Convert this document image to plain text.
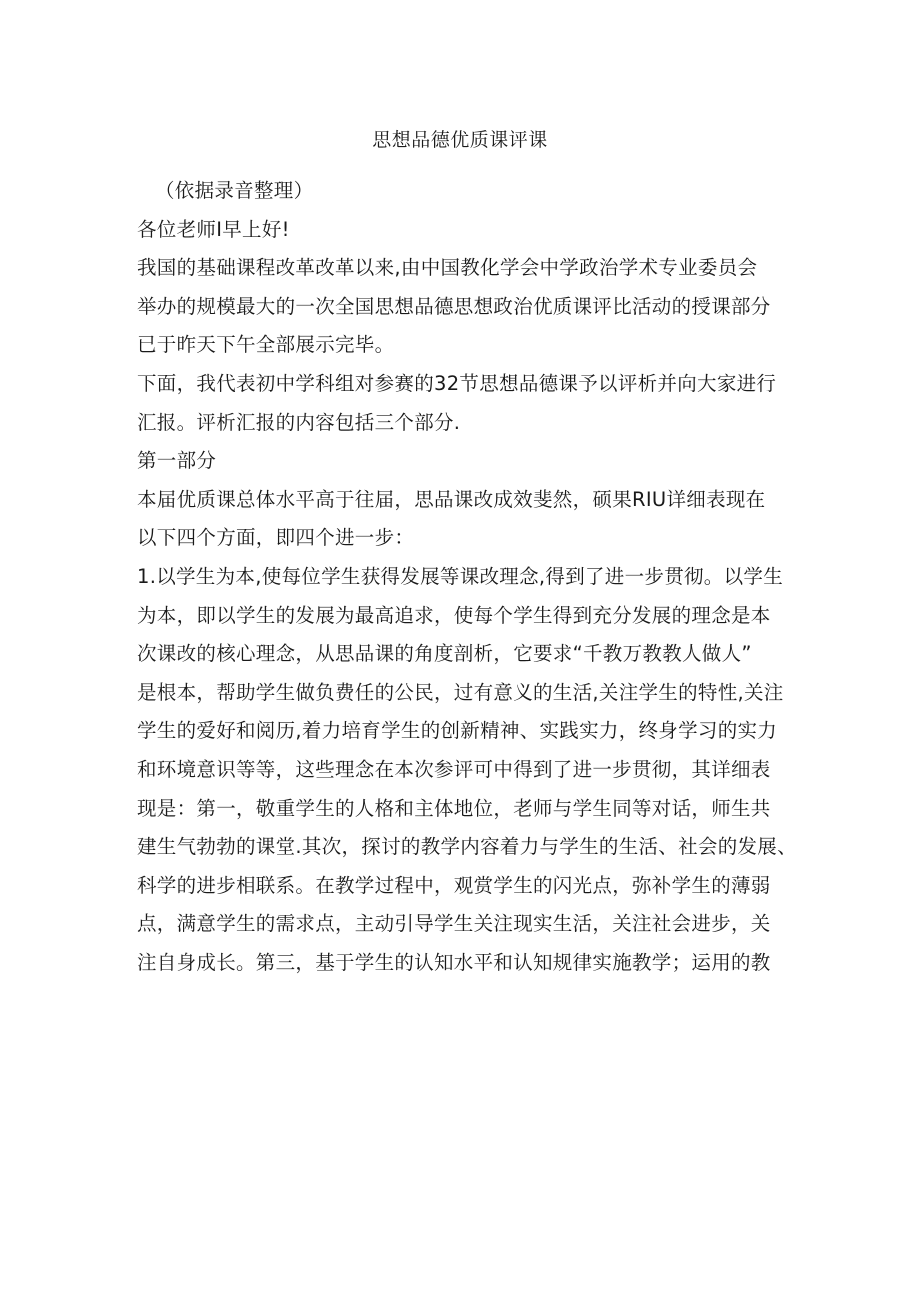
思想品德优质课评课
（依据录音整理）
各位老师I早上好!
我国的基础课程改革改革以来,由中国教化学会中学政治学术专业委员会
举办的规模最大的一次全国思想品德思想政治优质课评比活动的授课部分
已于昨天下午全部展示完毕。
下面，我代表初中学科组对参赛的32节思想品德课予以评析并向大家进行
汇报。评析汇报的内容包括三个部分.
第一部分
本届优质课总体水平高于往届，思品课改成效斐然，硕果RIU详细表现在
以下四个方面，即四个进一步：
1.以学生为本,使每位学生获得发展等课改理念,得到了进一步贯彻。以学生
为本，即以学生的发展为最高追求，使每个学生得到充分发展的理念是本
次课改的核心理念，从思品课的角度剖析，它要求“千教万教教人做人”
是根本，帮助学生做负费任的公民，过有意义的生活,关注学生的特性,关注
学生的爱好和阅历,着力培育学生的创新精神、实践实力，终身学习的实力
和环境意识等等，这些理念在本次参评可中得到了进一步贯彻，其详细表
现是：第一，敬重学生的人格和主体地位，老师与学生同等对话，师生共
建生气勃勃的课堂.其次，探讨的教学内容着力与学生的生活、社会的发展、
科学的进步相联系。在教学过程中，观赏学生的闪光点，弥补学生的薄弱
点，满意学生的需求点，主动引导学生关注现实生活，关注社会进步，关
注自身成长。第三，基于学生的认知水平和认知规律实施教学；运用的教
